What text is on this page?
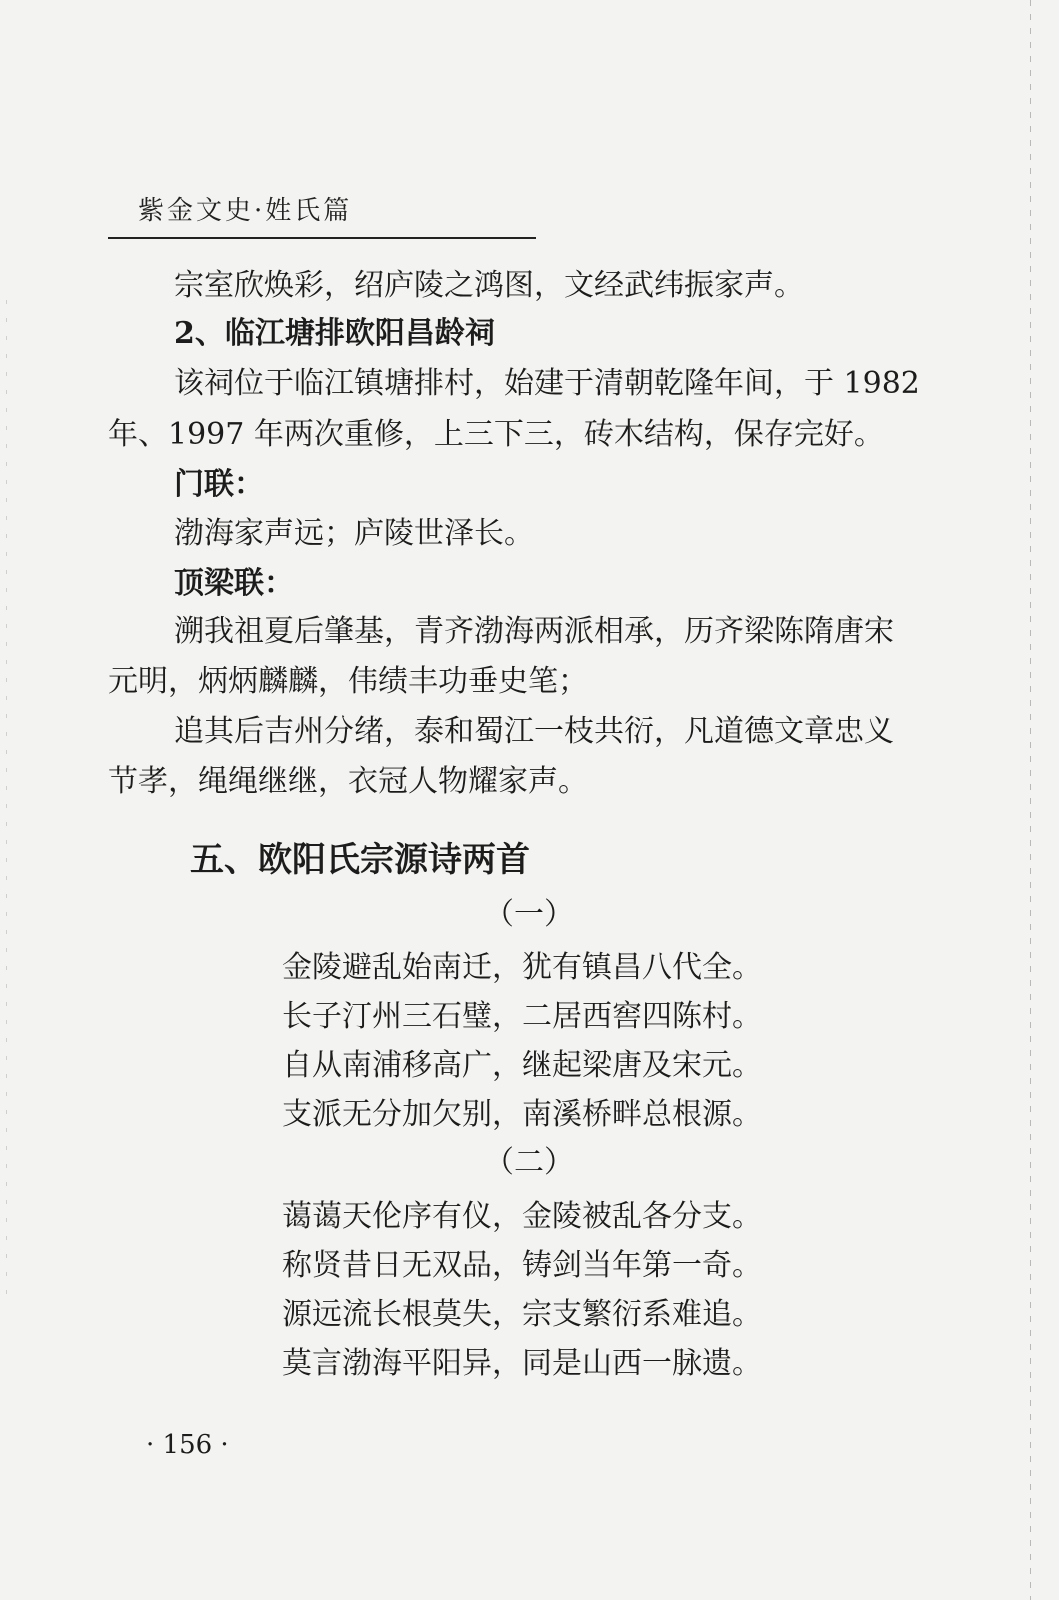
紫金文史·姓氏篇
宗室欣焕彩，绍庐陵之鸿图，文经武纬振家声。
2、临江塘排欧阳昌龄祠
该祠位于临江镇塘排村，始建于清朝乾隆年间，于 1982
年、1997 年两次重修，上三下三，砖木结构，保存完好。
门联：
渤海家声远；庐陵世泽长。
顶梁联：
溯我祖夏后肇基，青齐渤海两派相承，历齐梁陈隋唐宋
元明，炳炳麟麟，伟绩丰功垂史笔；
追其后吉州分绪，泰和蜀江一枝共衍，凡道德文章忠义
节孝，绳绳继继，衣冠人物耀家声。
五、欧阳氏宗源诗两首
（一）
金陵避乱始南迁，犹有镇昌八代全。
长子汀州三石璧，二居西窖四陈村。
自从南浦移高广，继起梁唐及宋元。
支派无分加欠别，南溪桥畔总根源。
（二）
蔼蔼天伦序有仪，金陵被乱各分支。
称贤昔日无双品，铸剑当年第一奇。
源远流长根莫失，宗支繁衍系难追。
莫言渤海平阳异，同是山西一脉遗。
· 156 ·
